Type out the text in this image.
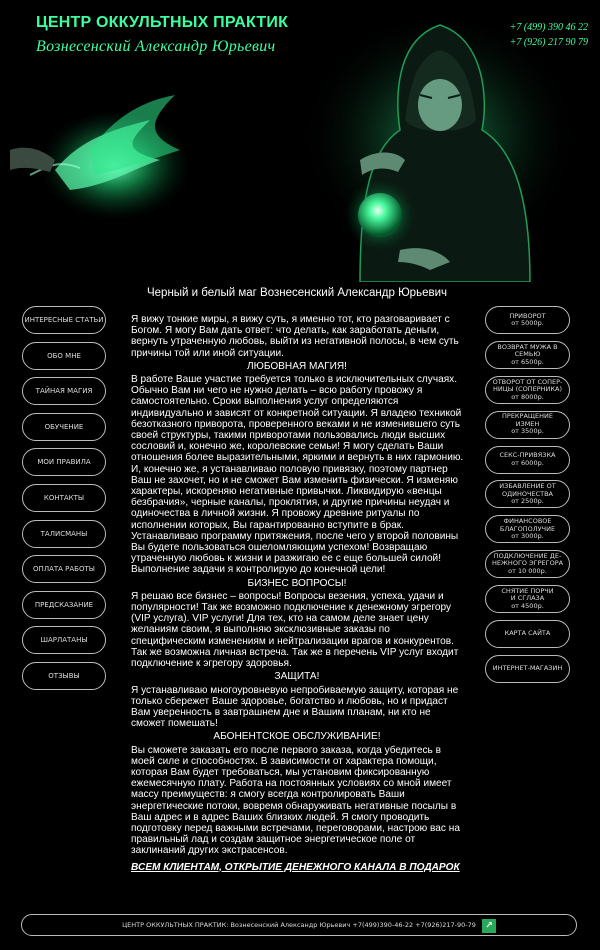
ЦЕНТР ОККУЛЬТНЫХ ПРАКТИК
Вознесенский Александр Юрьевич
+7 (499) 390 46 22
+7 (926) 217 90 79
ИНТЕРЕСНЫЕ СТАТЬИ
ОБО МНЕ
ТАЙНАЯ МАГИЯ
ОБУЧЕНИЕ
МОИ ПРАВИЛА
КОНТАКТЫ
ТАЛИСМАНЫ
ОПЛАТА РАБОТЫ
ПРЕДСКАЗАНИЕ
ШАРЛАТАНЫ
ОТЗЫВЫ
ПРИВОРОТ
от 5000р.
ВОЗВРАТ МУЖА В
СЕМЬЮ
от 6500р.
ОТВОРОТ ОТ СОПЕР-
НИЦЫ (СОПЕРНИКА)
от 8000р.
ПРЕКРАЩЕНИЕ
ИЗМЕН
от 3500р.
СЕКС-ПРИВЯЗКА
от 6000р.
ИЗБАВЛЕНИЕ ОТ
ОДИНОЧЕСТВА
от 2500р.
ФИНАНСОВОЕ
БЛАГОПОЛУЧИЕ
от 3000р.
ПОДКЛЮЧЕНИЕ ДЕ-
НЕЖНОГО ЭГРЕГОРА
от 10 000р.
СНЯТИЕ ПОРЧИ
И СГЛАЗА
от 4500р.
КАРТА САЙТА
ИНТЕРНЕТ-МАГАЗИН
Черный и белый маг Вознесенский Александр Юрьевич

Я вижу тонкие миры, я вижу суть, я именно тот, кто разговаривает с Богом. Я могу Вам дать ответ: что делать, как заработать деньги, вернуть утраченную любовь, выйти из негативной полосы, в чем суть причины той или иной ситуации.

ЛЮБОВНАЯ МАГИЯ!

В работе Ваше участие требуется только в исключительных случаях. Обычно Вам ни чего не нужно делать – всю работу провожу я самостоятельно. Сроки выполнения услуг определяются индивидуально и зависят от конкретной ситуации. Я владею техникой безотказного приворота, проверенного веками и не изменившего суть своей структуры, такими приворотами пользовались люди высших сословий и, конечно же, королевские семьи! Я могу сделать Ваши отношения более выразительными, яркими и вернуть в них гармонию. И, конечно же, я устанавливаю половую привязку, поэтому партнер Ваш не захочет, но и не сможет Вам изменить физически. Я изменяю характеры, искореняю негативные привычки. Ликвидирую «венцы безбрачия», черные каналы, проклятия, и другие причины неудач и одиночества в личной жизни. Я провожу древние ритуалы по исполнении которых, Вы гарантированно вступите в брак. Устанавливаю программу притяжения, после чего у второй половины Вы будете пользоваться ошеломляющим успехом! Возвращаю утраченную любовь к жизни и разжигаю ее с еще большей силой! Выполнение задачи я контролирую до конечной цели!

БИЗНЕС ВОПРОСЫ!

Я решаю все бизнес – вопросы! Вопросы везения, успеха, удачи и популярности! Так же возможно подключение к денежному эгрегору (VIP услуга). VIP услуги! Для тех, кто на самом деле знает цену желаниям своим, я выполняю эксклюзивные заказы по специфическим изменениям и нейтрализации врагов и конкурентов. Так же возможна личная встреча. Так же в перечень VIP услуг входит подключение к эгрегору здоровья.

ЗАЩИТА!

Я устанавливаю многоуровневую непробиваемую защиту, которая не только сбережет Ваше здоровье, богатство и любовь, но и придаст Вам уверенность в завтрашнем дне и Вашим планам, ни кто не сможет помешать!

АБОНЕНТСКОЕ ОБСЛУЖИВАНИЕ!

Вы сможете заказать его после первого заказа, когда убедитесь в моей силе и способностях. В зависимости от характера помощи, которая Вам будет требоваться, мы установим фиксированную ежемесячную плату. Работа на постоянных условиях со мной имеет массу преимуществ: я смогу всегда контролировать Ваши энергетические потоки, вовремя обнаруживать негативные посылы в Ваш адрес и в адрес Ваших близких людей. Я смогу проводить подготовку перед важными встречами, переговорами, настрою вас на правильный лад и создам защитное энергетическое поле от заклинаний других экстрасенсов.

ВСЕМ КЛИЕНТАМ, ОТКРЫТИЕ ДЕНЕЖНОГО КАНАЛА В ПОДАРОК

ЦЕНТР ОККУЛЬТНЫХ ПРАКТИК: Вознесенский Александр Юрьевич +7(499)390-46-22 +7(926)217-90-79	↗
